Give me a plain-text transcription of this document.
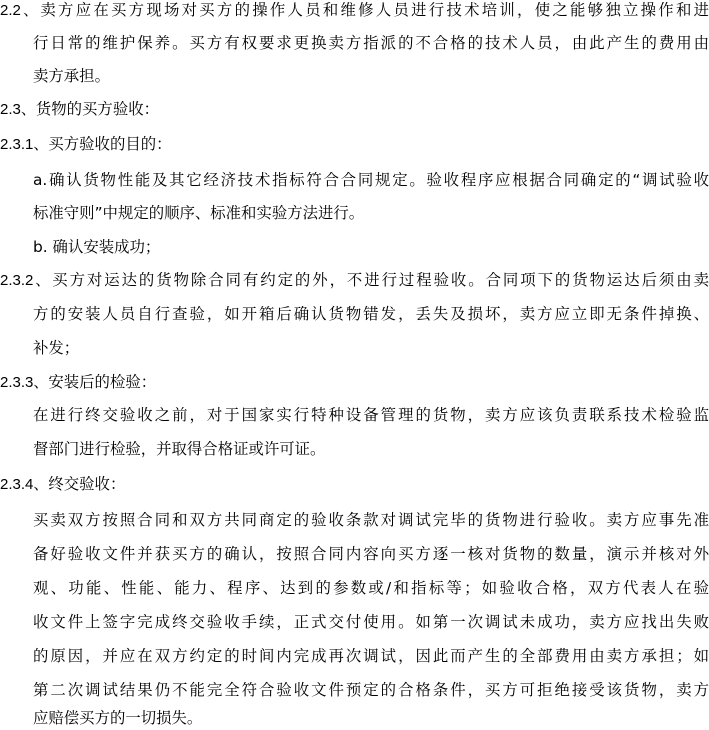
2.2、卖方应在买方现场对买方的操作人员和维修人员进行技术培训，使之能够独立操作和进
行日常的维护保养。买方有权要求更换卖方指派的不合格的技术人员，由此产生的费用由
卖方承担。
2.3、货物的买方验收：
2.3.1、买方验收的目的：
a.确认货物性能及其它经济技术指标符合合同规定。验收程序应根据合同确定的“调试验收
标准守则”中规定的顺序、标准和实验方法进行。
b. 确认安装成功；
2.3.2、买方对运达的货物除合同有约定的外，不进行过程验收。合同项下的货物运达后须由卖
方的安装人员自行查验，如开箱后确认货物错发，丢失及损坏，卖方应立即无条件掉换、
补发；
2.3.3、安装后的检验：
在进行终交验收之前，对于国家实行特种设备管理的货物，卖方应该负责联系技术检验监
督部门进行检验，并取得合格证或许可证。
2.3.4、终交验收：
买卖双方按照合同和双方共同商定的验收条款对调试完毕的货物进行验收。卖方应事先准
备好验收文件并获买方的确认，按照合同内容向买方逐一核对货物的数量，演示并核对外
观、功能、性能、能力、程序、达到的参数或/和指标等；如验收合格，双方代表人在验
收文件上签字完成终交验收手续，正式交付使用。如第一次调试未成功，卖方应找出失败
的原因，并应在双方约定的时间内完成再次调试，因此而产生的全部费用由卖方承担；如
第二次调试结果仍不能完全符合验收文件预定的合格条件，买方可拒绝接受该货物，卖方
应赔偿买方的一切损失。
